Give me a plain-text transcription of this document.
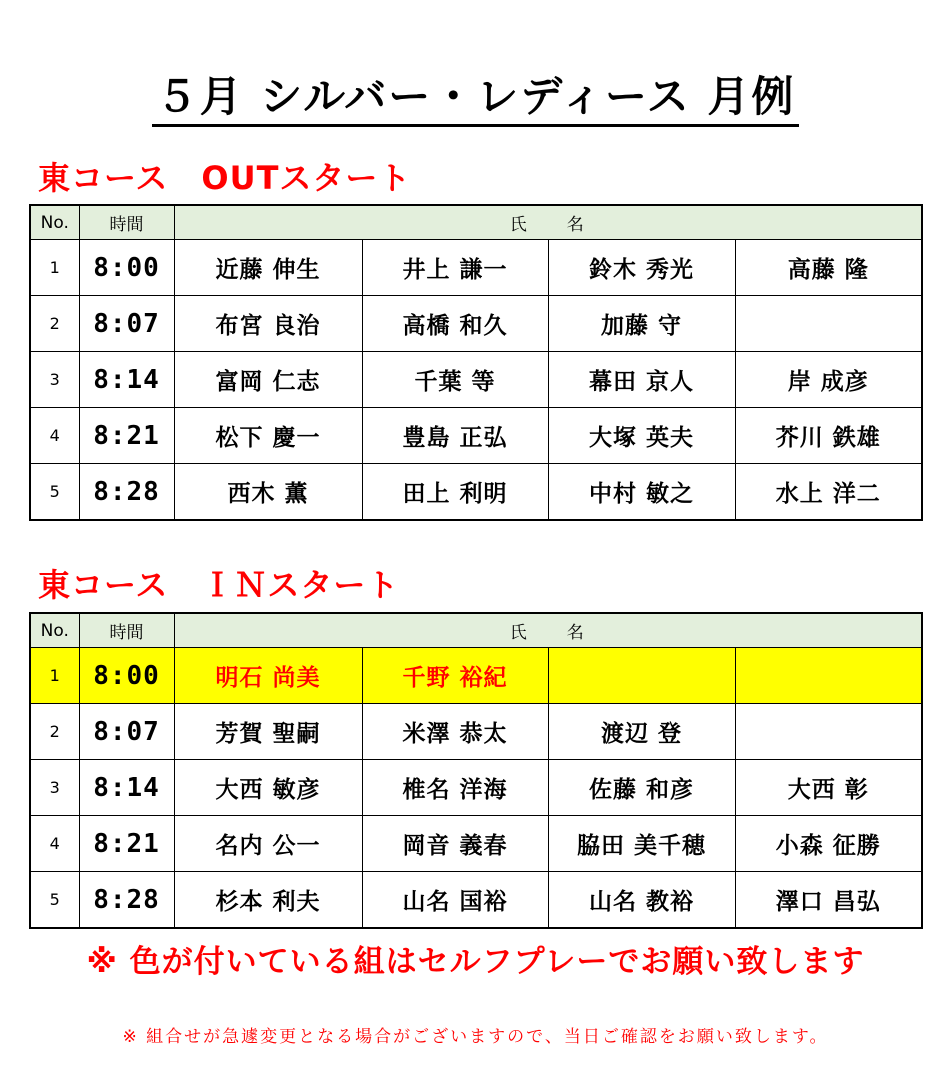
５月 シルバー・レディース 月例
東コース　OUTスタート
No.	時間	氏　　名			
1	8:00	近藤 伸生	井上 謙一	鈴木 秀光	高藤 隆
2	8:07	布宮 良治	高橋 和久	加藤 守	
3	8:14	富岡 仁志	千葉 等	幕田 京人	岸 成彦
4	8:21	松下 慶一	豊島 正弘	大塚 英夫	芥川 鉄雄
5	8:28	西木 薫	田上 利明	中村 敏之	水上 洋二
東コース　ＩＮスタート
No.	時間	氏　　名			
1	8:00	明石 尚美	千野 裕紀		
2	8:07	芳賀 聖嗣	米澤 恭太	渡辺 登	
3	8:14	大西 敏彦	椎名 洋海	佐藤 和彦	大西 彰
4	8:21	名内 公一	岡音 義春	脇田 美千穂	小森 征勝
5	8:28	杉本 利夫	山名 国裕	山名 教裕	澤口 昌弘
※ 色が付いている組はセルフプレーでお願い致します
※ 組合せが急遽変更となる場合がございますので、当日ご確認をお願い致します。
